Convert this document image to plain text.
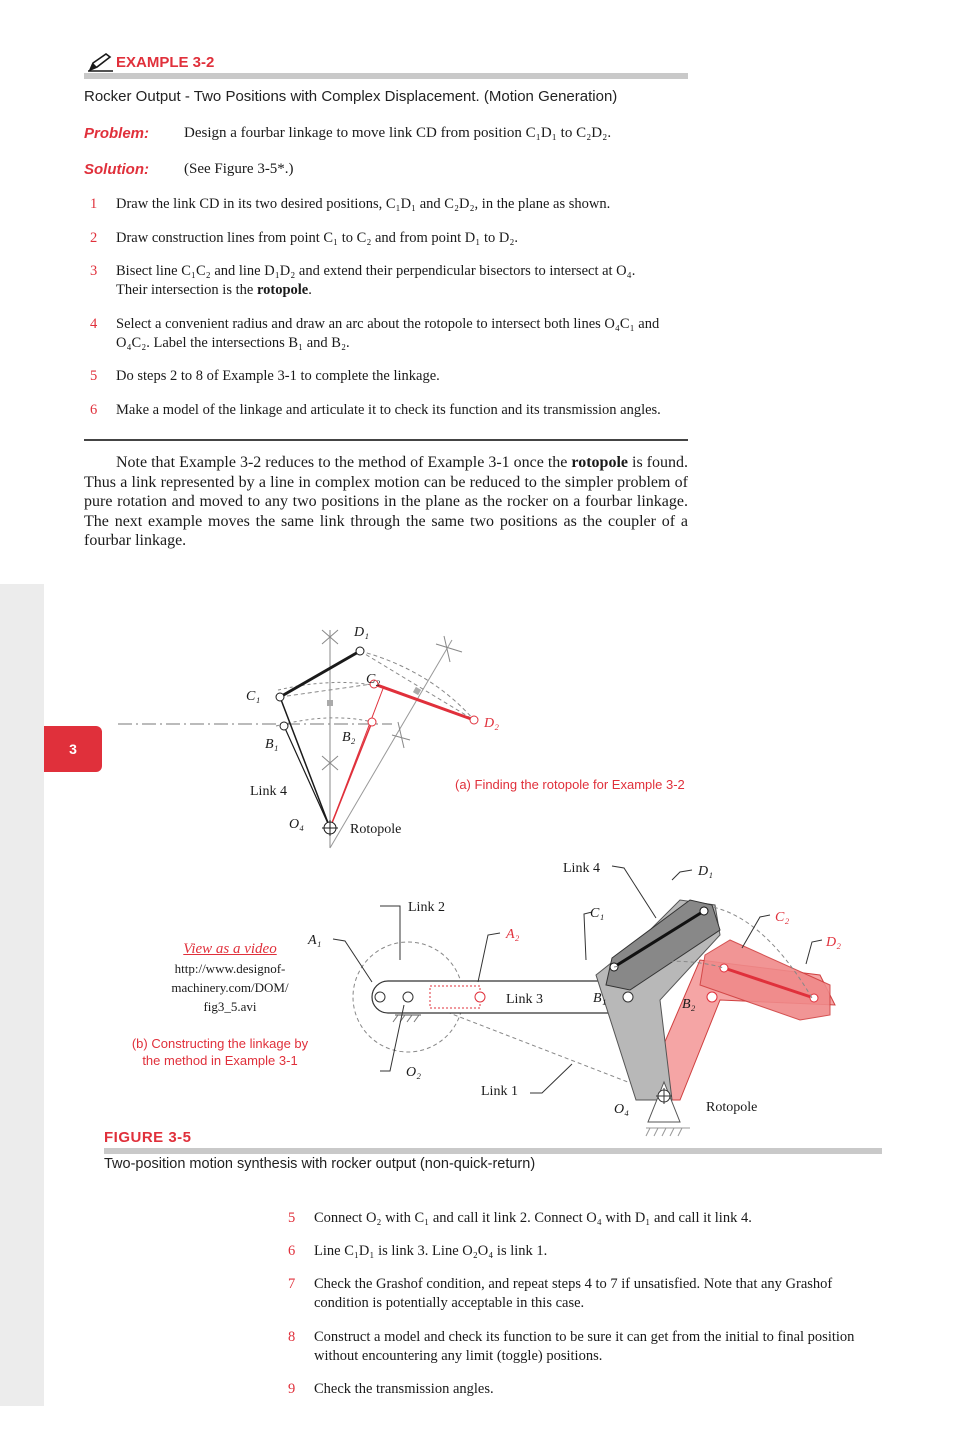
EXAMPLE 3-2
Rocker Output - Two Positions with Complex Displacement. (Motion Generation)
Problem: Design a fourbar linkage to move link CD from position C₁D₁ to C₂D₂.
Solution: (See Figure 3-5*.)
1	Draw the link CD in its two desired positions, C₁D₁ and C₂D₂, in the plane as shown.
2	Draw construction lines from point C₁ to C₂ and from point D₁ to D₂.
3	Bisect line C₁C₂ and line D₁D₂ and extend their perpendicular bisectors to intersect at O₄.
Their intersection is the rotopole.
4	Select a convenient radius and draw an arc about the rotopole to intersect both lines O₄C₁ and
O₄C₂. Label the intersections B₁ and B₂.
5	Do steps 2 to 8 of Example 3-1 to complete the linkage.
6	Make a model of the linkage and articulate it to check its function and its transmission angles.

Note that Example 3-2 reduces to the method of Example 3-1 once the rotopole is found. Thus a link represented by a line in complex motion can be reduced to the simpler problem of pure rotation and moved to any two positions in the plane as the rocker on a fourbar linkage. The next example moves the same link through the same two positions as the coupler of a fourbar linkage.

3
D₁
C₂
C₁
D₂
B₁	B₂
Link 4
O₄	Rotopole
Link 4	D₁
Link 2	C₁	C₂
D₂
A₁	A₂
Link 3	B₁	B₂
O₂
Link 1
O₄	Rotopole
(a) Finding the rotopole for Example 3-2
View as a video
http://www.designof-
machinery.com/DOM/
fig3_5.avi
(b) Constructing the linkage by
the method in Example 3-1
FIGURE 3-5
Two-position motion synthesis with rocker output (non-quick-return)
5	Connect O₂ with C₁ and call it link 2. Connect O₄ with D₁ and call it link 4.
6	Line C₁D₁ is link 3. Line O₂O₄ is link 1.
7	Check the Grashof condition, and repeat steps 4 to 7 if unsatisfied. Note that any Grashof
condition is potentially acceptable in this case.
8	Construct a model and check its function to be sure it can get from the initial to final position
without encountering any limit (toggle) positions.
9	Check the transmission angles.
